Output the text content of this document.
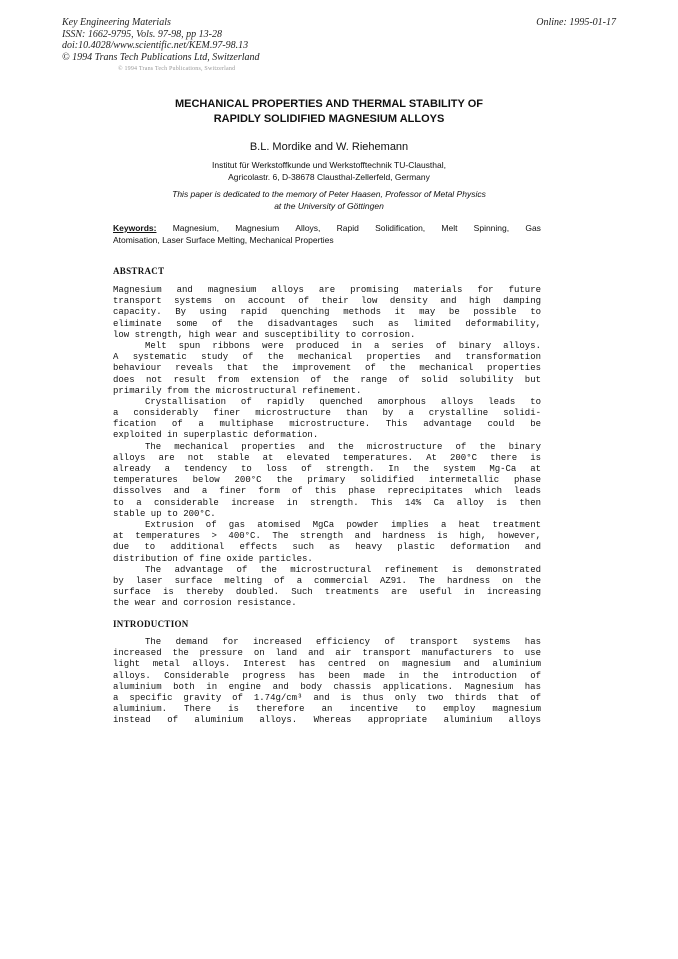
Key Engineering Materials
ISSN: 1662-9795, Vols. 97-98, pp 13-28
doi:10.4028/www.scientific.net/KEM.97-98.13
© 1994 Trans Tech Publications Ltd, Switzerland
Online: 1995-01-17
© 1994 Trans Tech Publications, Switzerland
MECHANICAL PROPERTIES AND THERMAL STABILITY OF
RAPIDLY SOLIDIFIED MAGNESIUM ALLOYS
B.L. Mordike and W. Riehemann
Institut für Werkstoffkunde und Werkstofftechnik TU-Clausthal,
Agricolastr. 6, D-38678 Clausthal-Zellerfeld, Germany
This paper is dedicated to the memory of Peter Haasen, Professor of Metal Physics
at the University of Göttingen
Keywords: Magnesium, Magnesium Alloys, Rapid Solidification, Melt Spinning, Gas
Atomisation, Laser Surface Melting, Mechanical Properties
ABSTRACT
Magnesium and magnesium alloys are promising materials for future
transport systems on account of their low density and high damping
capacity. By using rapid quenching methods it may be possible to
eliminate some of the disadvantages such as limited deformability,
low strength, high wear and susceptibility to corrosion.
Melt spun ribbons were produced in a series of binary alloys.
A systematic study of the mechanical properties and transformation
behaviour reveals that the improvement of the mechanical properties
does not result from extension of the range of solid solubility but
primarily from the microstructural refinement.
Crystallisation of rapidly quenched amorphous alloys leads to
a considerably finer microstructure than by a crystalline solidi-
fication of a multiphase microstructure. This advantage could be
exploited in superplastic deformation.
The mechanical properties and the microstructure of the binary
alloys are not stable at elevated temperatures. At 200°C there is
already a tendency to loss of strength. In the system Mg-Ca at
temperatures below 200°C the primary solidified intermetallic phase
dissolves and a finer form of this phase reprecipitates which leads
to a considerable increase in strength. This 14% Ca alloy is then
stable up to 200°C.
Extrusion of gas atomised MgCa powder implies a heat treatment
at temperatures > 400°C. The strength and hardness is high, however,
due to additional effects such as heavy plastic deformation and
distribution of fine oxide particles.
The advantage of the microstructural refinement is demonstrated
by laser surface melting of a commercial AZ91. The hardness on the
surface is thereby doubled. Such treatments are useful in increasing
the wear and corrosion resistance.
INTRODUCTION
The demand for increased efficiency of transport systems has
increased the pressure on land and air transport manufacturers to use
light metal alloys. Interest has centred on magnesium and aluminium
alloys. Considerable progress has been made in the introduction of
aluminium both in engine and body chassis applications. Magnesium has
a specific gravity of 1.74g/cm³ and is thus only two thirds that of
aluminium. There is therefore an incentive to employ magnesium
instead of aluminium alloys. Whereas appropriate aluminium alloys
